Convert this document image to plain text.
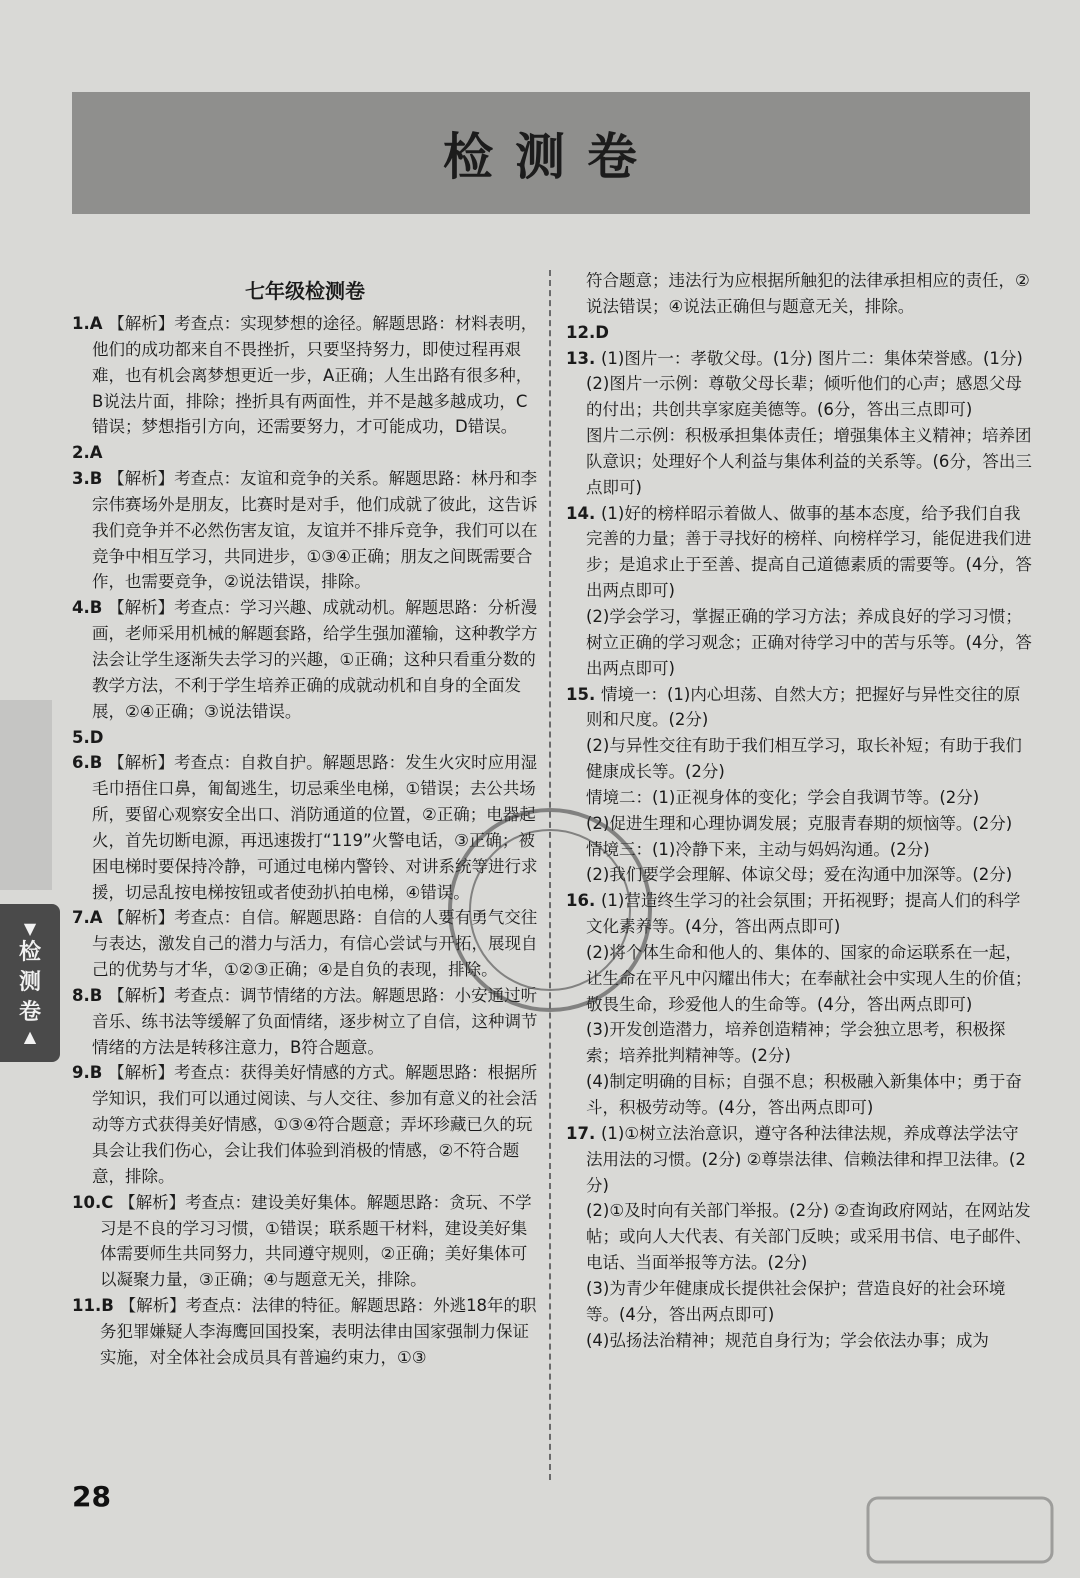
检测卷
▼
检
测
卷
▲
七年级检测卷
1.A 【解析】考查点：实现梦想的途径。解题思路：材料表明，他们的成功都来自不畏挫折，只要坚持努力，即使过程再艰难，也有机会离梦想更近一步，A正确；人生出路有很多种，B说法片面，排除；挫折具有两面性，并不是越多越成功，C错误；梦想指引方向，还需要努力，才可能成功，D错误。
2.A
3.B 【解析】考查点：友谊和竞争的关系。解题思路：林丹和李宗伟赛场外是朋友，比赛时是对手，他们成就了彼此，这告诉我们竞争并不必然伤害友谊，友谊并不排斥竞争，我们可以在竞争中相互学习，共同进步，①③④正确；朋友之间既需要合作，也需要竞争，②说法错误，排除。
4.B 【解析】考查点：学习兴趣、成就动机。解题思路：分析漫画，老师采用机械的解题套路，给学生强加灌输，这种教学方法会让学生逐渐失去学习的兴趣，①正确；这种只看重分数的教学方法，不利于学生培养正确的成就动机和自身的全面发展，②④正确；③说法错误。
5.D
6.B 【解析】考查点：自救自护。解题思路：发生火灾时应用湿毛巾捂住口鼻，匍匐逃生，切忌乘坐电梯，①错误；去公共场所，要留心观察安全出口、消防通道的位置，②正确；电器起火，首先切断电源，再迅速拨打“119”火警电话，③正确；被困电梯时要保持冷静，可通过电梯内警铃、对讲系统等进行求援，切忌乱按电梯按钮或者使劲扒拍电梯，④错误。
7.A 【解析】考查点：自信。解题思路：自信的人要有勇气交往与表达，激发自己的潜力与活力，有信心尝试与开拓，展现自己的优势与才华，①②③正确；④是自负的表现，排除。
8.B 【解析】考查点：调节情绪的方法。解题思路：小安通过听音乐、练书法等缓解了负面情绪，逐步树立了自信，这种调节情绪的方法是转移注意力，B符合题意。
9.B 【解析】考查点：获得美好情感的方式。解题思路：根据所学知识，我们可以通过阅读、与人交往、参加有意义的社会活动等方式获得美好情感，①③④符合题意；弄坏珍藏已久的玩具会让我们伤心，会让我们体验到消极的情感，②不符合题意，排除。
10.C 【解析】考查点：建设美好集体。解题思路：贪玩、不学习是不良的学习习惯，①错误；联系题干材料，建设美好集体需要师生共同努力，共同遵守规则，②正确；美好集体可以凝聚力量，③正确；④与题意无关，排除。
11.B 【解析】考查点：法律的特征。解题思路：外逃18年的职务犯罪嫌疑人李海鹰回国投案，表明法律由国家强制力保证实施，对全体社会成员具有普遍约束力，①③
符合题意；违法行为应根据所触犯的法律承担相应的责任，②说法错误；④说法正确但与题意无关，排除。
12.D
13. (1)图片一：孝敬父母。(1分) 图片二：集体荣誉感。(1分)
(2)图片一示例：尊敬父母长辈；倾听他们的心声；感恩父母的付出；共创共享家庭美德等。(6分，答出三点即可)
图片二示例：积极承担集体责任；增强集体主义精神；培养团队意识；处理好个人利益与集体利益的关系等。(6分，答出三点即可)
14. (1)好的榜样昭示着做人、做事的基本态度，给予我们自我完善的力量；善于寻找好的榜样、向榜样学习，能促进我们进步；是追求止于至善、提高自己道德素质的需要等。(4分，答出两点即可)
(2)学会学习，掌握正确的学习方法；养成良好的学习习惯；树立正确的学习观念；正确对待学习中的苦与乐等。(4分，答出两点即可)
15. 情境一：(1)内心坦荡、自然大方；把握好与异性交往的原则和尺度。(2分)
(2)与异性交往有助于我们相互学习，取长补短；有助于我们健康成长等。(2分)
情境二：(1)正视身体的变化；学会自我调节等。(2分)
(2)促进生理和心理协调发展；克服青春期的烦恼等。(2分)
情境三：(1)冷静下来，主动与妈妈沟通。(2分)
(2)我们要学会理解、体谅父母；爱在沟通中加深等。(2分)
16. (1)营造终生学习的社会氛围；开拓视野；提高人们的科学文化素养等。(4分，答出两点即可)
(2)将个体生命和他人的、集体的、国家的命运联系在一起，让生命在平凡中闪耀出伟大；在奉献社会中实现人生的价值；敬畏生命，珍爱他人的生命等。(4分，答出两点即可)
(3)开发创造潜力，培养创造精神；学会独立思考，积极探索；培养批判精神等。(2分)
(4)制定明确的目标；自强不息；积极融入新集体中；勇于奋斗，积极劳动等。(4分，答出两点即可)
17. (1)①树立法治意识，遵守各种法律法规，养成尊法学法守法用法的习惯。(2分) ②尊崇法律、信赖法律和捍卫法律。(2分)
(2)①及时向有关部门举报。(2分) ②查询政府网站，在网站发帖；或向人大代表、有关部门反映；或采用书信、电子邮件、电话、当面举报等方法。(2分)
(3)为青少年健康成长提供社会保护；营造良好的社会环境等。(4分，答出两点即可)
(4)弘扬法治精神；规范自身行为；学会依法办事；成为
28
